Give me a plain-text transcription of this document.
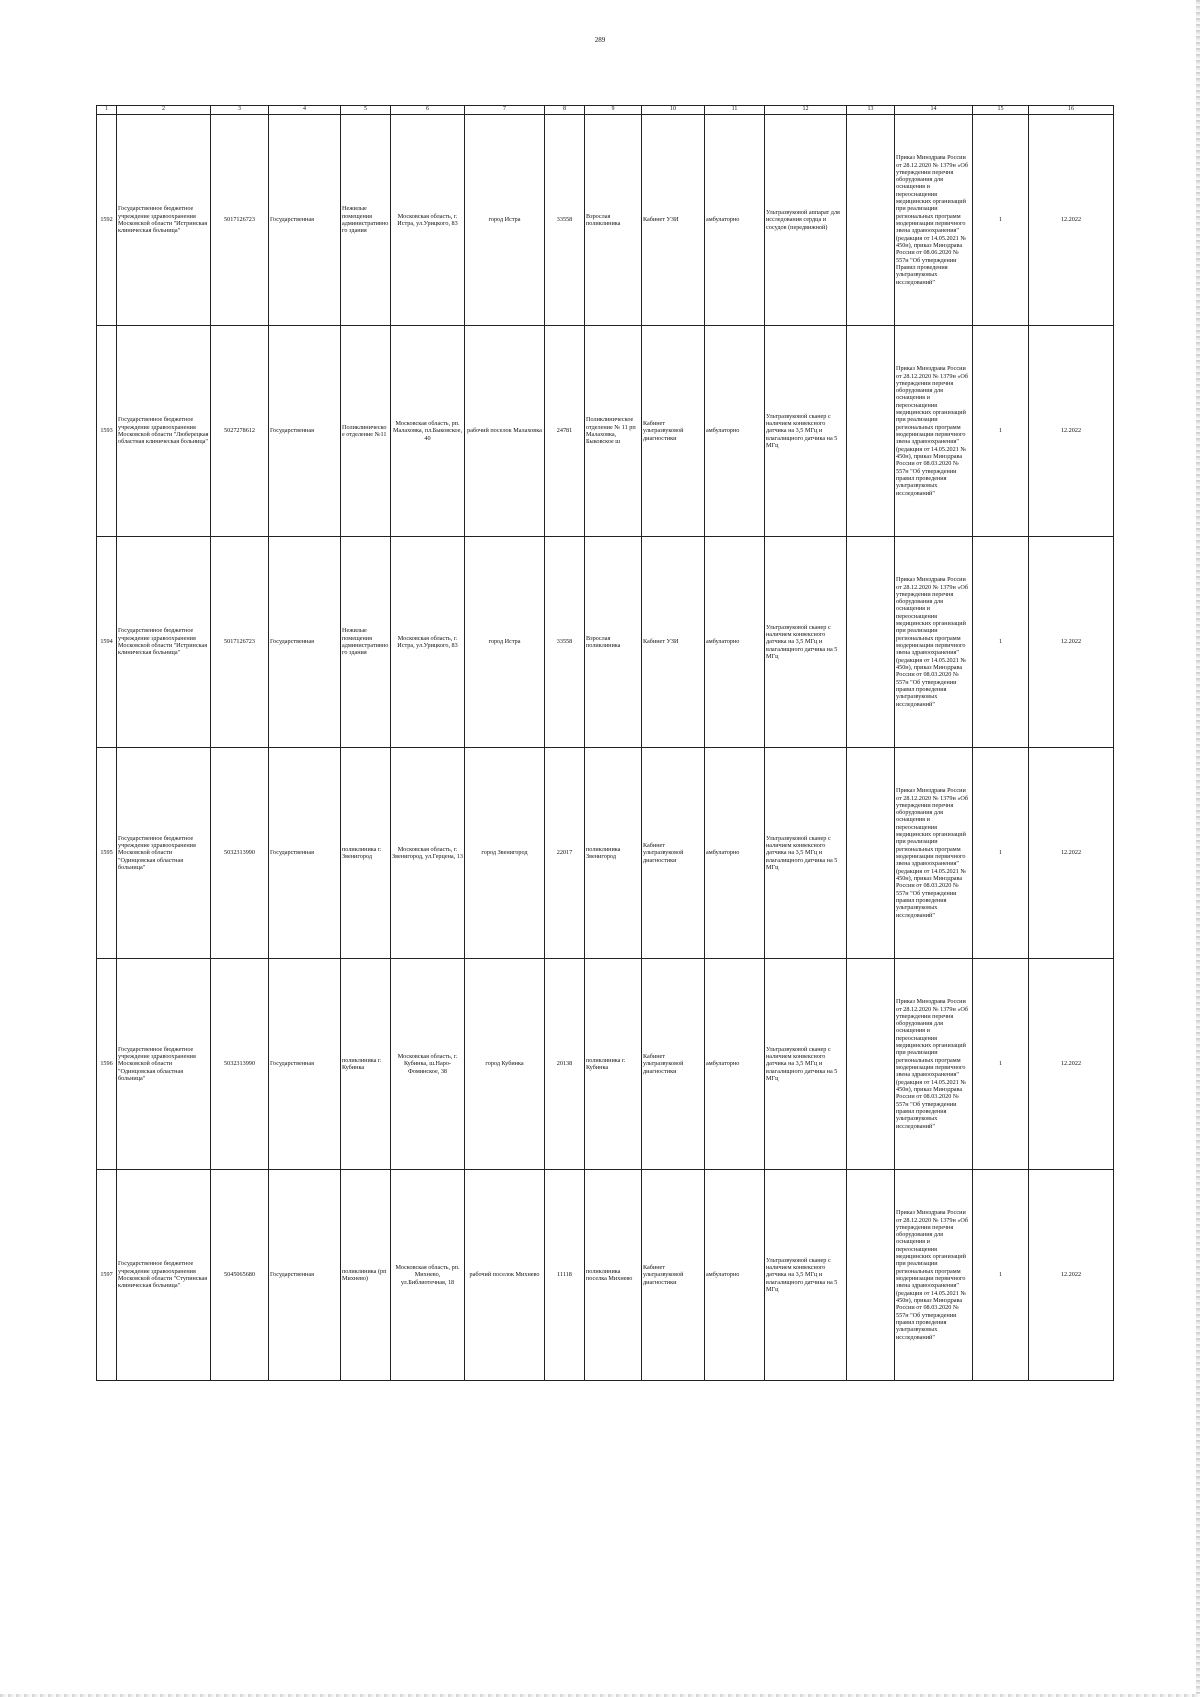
289
1	2	3	4	5	6	7	8	9	10	11	12	13	14	15	16
1592	Государственное бюджетное учреждение здравоохранения Московской области "Истринская клиническая больница"	5017126723	Государственная	Нежилые помещения административного здания	Московская область, г. Истра, ул.Урицкого, 83	город Истра	33558	Взрослая поликлиника	Кабинет УЗИ	амбулаторно	Ультразвуковой аппарат для исследования сердца и сосудов (передвижной)		Приказ Минздрава России от 28.12.2020 № 1379н «Об утверждении перечня оборудования для оснащения и переоснащения медицинских организаций при реализации региональных программ модернизации первичного звена здравоохранения"(редакция от 14.05.2021 № 450н), приказ Минздрава России от 08.06.2020 № 557н "Об утверждении Правил проведения ультразвуковых исследований"	1	12.2022
1593	Государственное бюджетное учреждение здравоохранения Московской области "Люберецкая областная клиническая больница"	5027278612	Государственная	Поликлиническое отделение №11	Московская область, рп. Малаховка, пл.Быковское, 40	рабочий поселок Малаховка	24781	Поликлиническое отделение № 11 рп Малаховка, Быковское ш	Кабинет ультразвуковой диагностики	амбулаторно	Ультразвуковой сканер с наличием конвексного датчика на 3,5 МГц и влагалищного датчика на 5 МГц		Приказ Минздрава России от 28.12.2020 № 1379н «Об утверждении перечня оборудования для оснащения и переоснащения медицинских организаций при реализации региональных программ модернизации первичного звена здравоохранения"(редакция от 14.05.2021 № 450н), приказ Минздрава России от 08.03.2020 № 557н "Об утверждении правил проведения ультразвуковых исследований"	1	12.2022
1594	Государственное бюджетное учреждение здравоохранения Московской области "Истринская клиническая больница"	5017126723	Государственная	Нежилые помещения административного здания	Московская область, г. Истра, ул.Урицкого, 83	город Истра	33558	Взрослая поликлиника	Кабинет УЗИ	амбулаторно	Ультразвуковой сканер с наличием конвексного датчика на 3,5 МГц и влагалищного датчика на 5 МГц		Приказ Минздрава России от 28.12.2020 № 1379н «Об утверждении перечня оборудования для оснащения и переоснащения медицинских организаций при реализации региональных программ модернизации первичного звена здравоохранения"(редакция от 14.05.2021 № 450н), приказ Минздрава России от 08.03.2020 № 557н "Об утверждении правил проведения ультразвуковых исследований"	1	12.2022
1595	Государственное бюджетное учреждение здравоохранения Московской области "Одинцовская областная больница"	5032313990	Государственная	поликлиника г. Звенигород	Московская область, г. Звенигород, ул.Герцена, 13	город Звенигород	22017	поликлиника Звенигород	Кабинет ультразвуковой диагностики	амбулаторно	Ультразвуковой сканер с наличием конвексного датчика на 3,5 МГц и влагалищного датчика на 5 МГц		Приказ Минздрава России от 28.12.2020 № 1379н «Об утверждении перечня оборудования для оснащения и переоснащения медицинских организаций при реализации региональных программ модернизации первичного звена здравоохранения"(редакция от 14.05.2021 № 450н), приказ Минздрава России от 08.03.2020 № 557н "Об утверждении правил проведения ультразвуковых исследований"	1	12.2022
1596	Государственное бюджетное учреждение здравоохранения Московской области "Одинцовская областная больница"	5032313990	Государственная	поликлиника г. Кубинка	Московская область, г. Кубинка, ш.Наро-Фоминское, 38	город Кубинка	20138	поликлиника г. Кубинка	Кабинет ультразвуковой диагностики	амбулаторно	Ультразвуковой сканер с наличием конвексного датчика на 3,5 МГц и влагалищного датчика на 5 МГц		Приказ Минздрава России от 28.12.2020 № 1379н «Об утверждении перечня оборудования для оснащения и переоснащения медицинских организаций при реализации региональных программ модернизации первичного звена здравоохранения"(редакция от 14.05.2021 № 450н), приказ Минздрава России от 08.03.2020 № 557н "Об утверждении правил проведения ультразвуковых исследований"	1	12.2022
1597	Государственное бюджетное учреждение здравоохранения Московской области "Ступинская клиническая больница"	5045065680	Государственная	поликлиника (рп Михнево)	Московская область, рп. Михнево, ул.Библиотечная, 18	рабочий поселок Михнево	11118	поликлиника поселка Михнево	Кабинет ультразвуковой диагностики	амбулаторно	Ультразвуковой сканер с наличием конвексного датчика на 3,5 МГц и влагалищного датчика на 5 МГц		Приказ Минздрава России от 28.12.2020 № 1379н «Об утверждении перечня оборудования для оснащения и переоснащения медицинских организаций при реализации региональных программ модернизации первичного звена здравоохранения"(редакция от 14.05.2021 № 450н), приказ Минздрава России от 08.03.2020 № 557н "Об утверждении правил проведения ультразвуковых исследований"	1	12.2022
